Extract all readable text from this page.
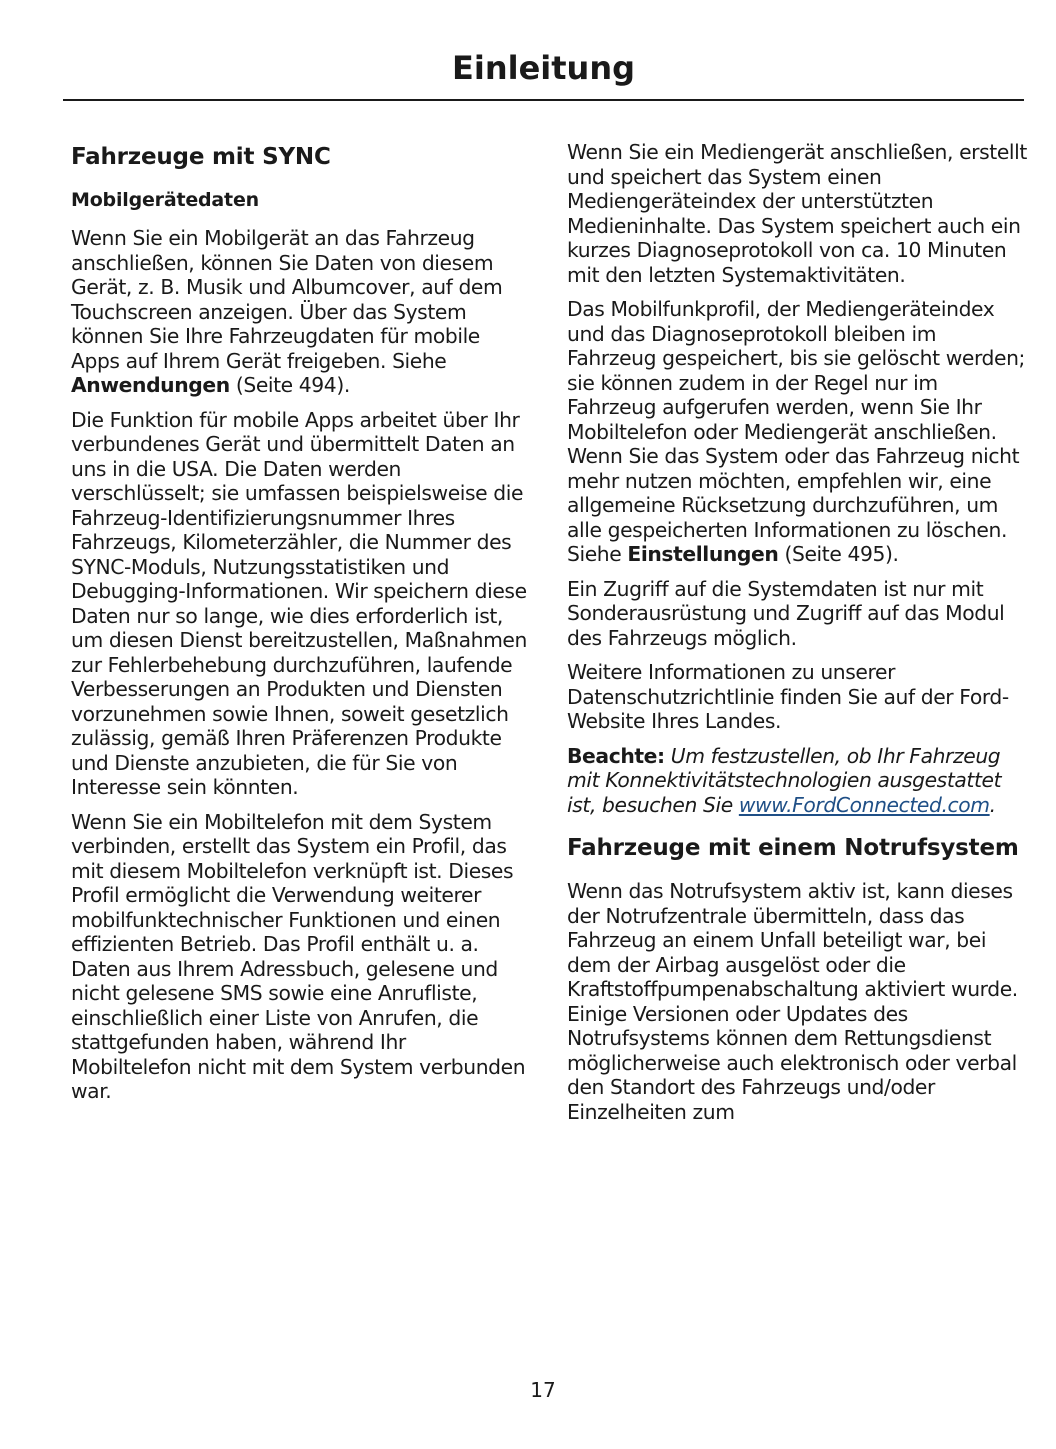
Einleitung
Fahrzeuge mit SYNC
Mobilgerätedaten

Wenn Sie ein Mobilgerät an das Fahrzeug anschließen, können Sie Daten von diesem Gerät, z. B. Musik und Albumcover, auf dem Touchscreen anzeigen. Über das System können Sie Ihre Fahrzeugdaten für mobile Apps auf Ihrem Gerät freigeben. Siehe Anwendungen (Seite 494).

Die Funktion für mobile Apps arbeitet über Ihr verbundenes Gerät und übermittelt Daten an uns in die USA. Die Daten werden verschlüsselt; sie umfassen beispielsweise die Fahrzeug-Identifizierungsnummer Ihres Fahrzeugs, Kilometerzähler, die Nummer des SYNC-Moduls, Nutzungsstatistiken und Debugging-Informationen. Wir speichern diese Daten nur so lange, wie dies erforderlich ist, um diesen Dienst bereitzustellen, Maßnahmen zur Fehlerbehebung durchzuführen, laufende Verbesserungen an Produkten und Diensten vorzunehmen sowie Ihnen, soweit gesetzlich zulässig, gemäß Ihren Präferenzen Produkte und Dienste anzubieten, die für Sie von Interesse sein könnten.

Wenn Sie ein Mobiltelefon mit dem System verbinden, erstellt das System ein Profil, das mit diesem Mobiltelefon verknüpft ist. Dieses Profil ermöglicht die Verwendung weiterer mobilfunktechnischer Funktionen und einen effizienten Betrieb. Das Profil enthält u. a. Daten aus Ihrem Adressbuch, gelesene und nicht gelesene SMS sowie eine Anrufliste, einschließlich einer Liste von Anrufen, die stattgefunden haben, während Ihr Mobiltelefon nicht mit dem System verbunden war.

Wenn Sie ein Mediengerät anschließen, erstellt und speichert das System einen Mediengeräteindex der unterstützten Medieninhalte. Das System speichert auch ein kurzes Diagnoseprotokoll von ca. 10 Minuten mit den letzten Systemaktivitäten.

Das Mobilfunkprofil, der Mediengeräteindex und das Diagnoseprotokoll bleiben im Fahrzeug gespeichert, bis sie gelöscht werden; sie können zudem in der Regel nur im Fahrzeug aufgerufen werden, wenn Sie Ihr Mobiltelefon oder Mediengerät anschließen. Wenn Sie das System oder das Fahrzeug nicht mehr nutzen möchten, empfehlen wir, eine allgemeine Rücksetzung durchzuführen, um alle gespeicherten Informationen zu löschen. Siehe Einstellungen (Seite 495).

Ein Zugriff auf die Systemdaten ist nur mit Sonderausrüstung und Zugriff auf das Modul des Fahrzeugs möglich.

Weitere Informationen zu unserer Datenschutzrichtlinie finden Sie auf der Ford-Website Ihres Landes.

Beachte: Um festzustellen, ob Ihr Fahrzeug mit Konnektivitätstechnologien ausgestattet ist, besuchen Sie www.FordConnected.com.

Fahrzeuge mit einem Notrufsystem

Wenn das Notrufsystem aktiv ist, kann dieses der Notrufzentrale übermitteln, dass das Fahrzeug an einem Unfall beteiligt war, bei dem der Airbag ausgelöst oder die Kraftstoffpumpenabschaltung aktiviert wurde. Einige Versionen oder Updates des Notrufsystems können dem Rettungsdienst möglicherweise auch elektronisch oder verbal den Standort des Fahrzeugs und/oder Einzelheiten zum

17
